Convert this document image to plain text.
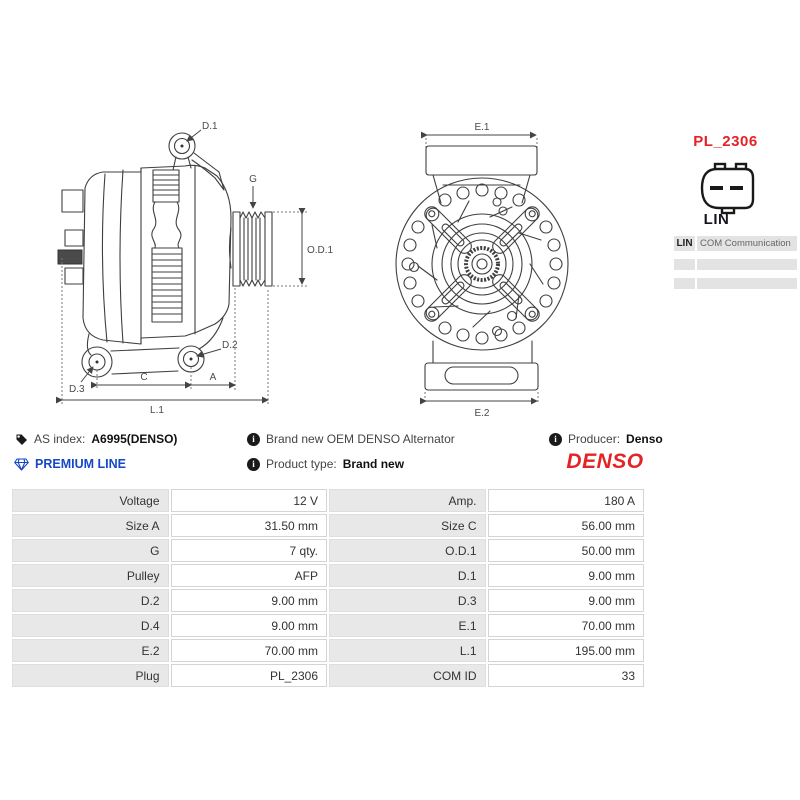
G
O.D.1
D.1
D.2
D.3
C	A
L.1
E.1
E.2
PL_2306
LIN
LIN COM Communication
AS index: A6995(DENSO)
PREMIUM LINE
i Brand new OEM DENSO Alternator
i Product type: Brand new
i Producer: Denso
DENSO
Voltage	12 V	Amp.	180 A
Size A	31.50 mm	Size C	56.00 mm
G	7 qty.	O.D.1	50.00 mm
Pulley	AFP	D.1	9.00 mm
D.2	9.00 mm	D.3	9.00 mm
D.4	9.00 mm	E.1	70.00 mm
E.2	70.00 mm	L.1	195.00 mm
Plug	PL_2306	COM ID	33
